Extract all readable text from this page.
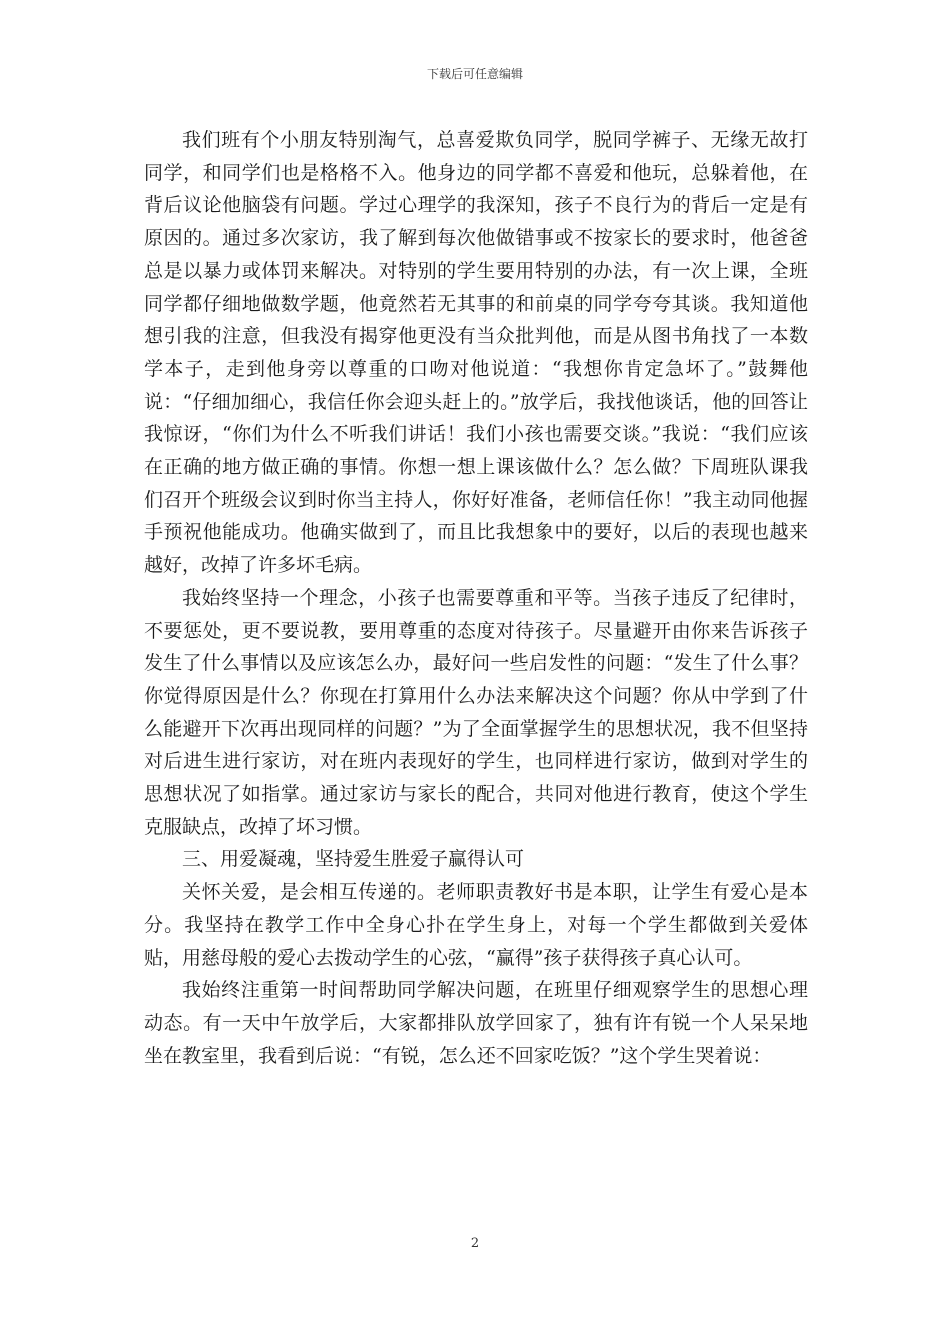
下载后可任意编辑

我们班有个小朋友特别淘气，总喜爱欺负同学，脱同学裤子、无缘无故打同学，和同学们也是格格不入。他身边的同学都不喜爱和他玩，总躲着他，在背后议论他脑袋有问题。学过心理学的我深知，孩子不良行为的背后一定是有原因的。通过多次家访，我了解到每次他做错事或不按家长的要求时，他爸爸总是以暴力或体罚来解决。对特别的学生要用特别的办法，有一次上课，全班同学都仔细地做数学题，他竟然若无其事的和前桌的同学夸夸其谈。我知道他想引我的注意，但我没有揭穿他更没有当众批判他，而是从图书角找了一本数学本子，走到他身旁以尊重的口吻对他说道：“我想你肯定急坏了。”鼓舞他说：“仔细加细心，我信任你会迎头赶上的。”放学后，我找他谈话，他的回答让我惊讶，“你们为什么不听我们讲话！我们小孩也需要交谈。”我说：“我们应该在正确的地方做正确的事情。你想一想上课该做什么？怎么做？下周班队课我们召开个班级会议到时你当主持人，你好好准备，老师信任你！”我主动同他握手预祝他能成功。他确实做到了，而且比我想象中的要好，以后的表现也越来越好，改掉了许多坏毛病。

我始终坚持一个理念，小孩子也需要尊重和平等。当孩子违反了纪律时，不要惩处，更不要说教，要用尊重的态度对待孩子。尽量避开由你来告诉孩子发生了什么事情以及应该怎么办，最好问一些启发性的问题：“发生了什么事？你觉得原因是什么？你现在打算用什么办法来解决这个问题？你从中学到了什么能避开下次再出现同样的问题？”为了全面掌握学生的思想状况，我不但坚持对后进生进行家访，对在班内表现好的学生，也同样进行家访，做到对学生的思想状况了如指掌。通过家访与家长的配合，共同对他进行教育，使这个学生克服缺点，改掉了坏习惯。

三、用爱凝魂，坚持爱生胜爱子赢得认可

关怀关爱，是会相互传递的。老师职责教好书是本职，让学生有爱心是本分。我坚持在教学工作中全身心扑在学生身上，对每一个学生都做到关爱体贴，用慈母般的爱心去拨动学生的心弦，“赢得”孩子获得孩子真心认可。

我始终注重第一时间帮助同学解决问题，在班里仔细观察学生的思想心理动态。有一天中午放学后，大家都排队放学回家了，独有许有锐一个人呆呆地坐在教室里，我看到后说：“有锐，怎么还不回家吃饭？”这个学生哭着说：

2
